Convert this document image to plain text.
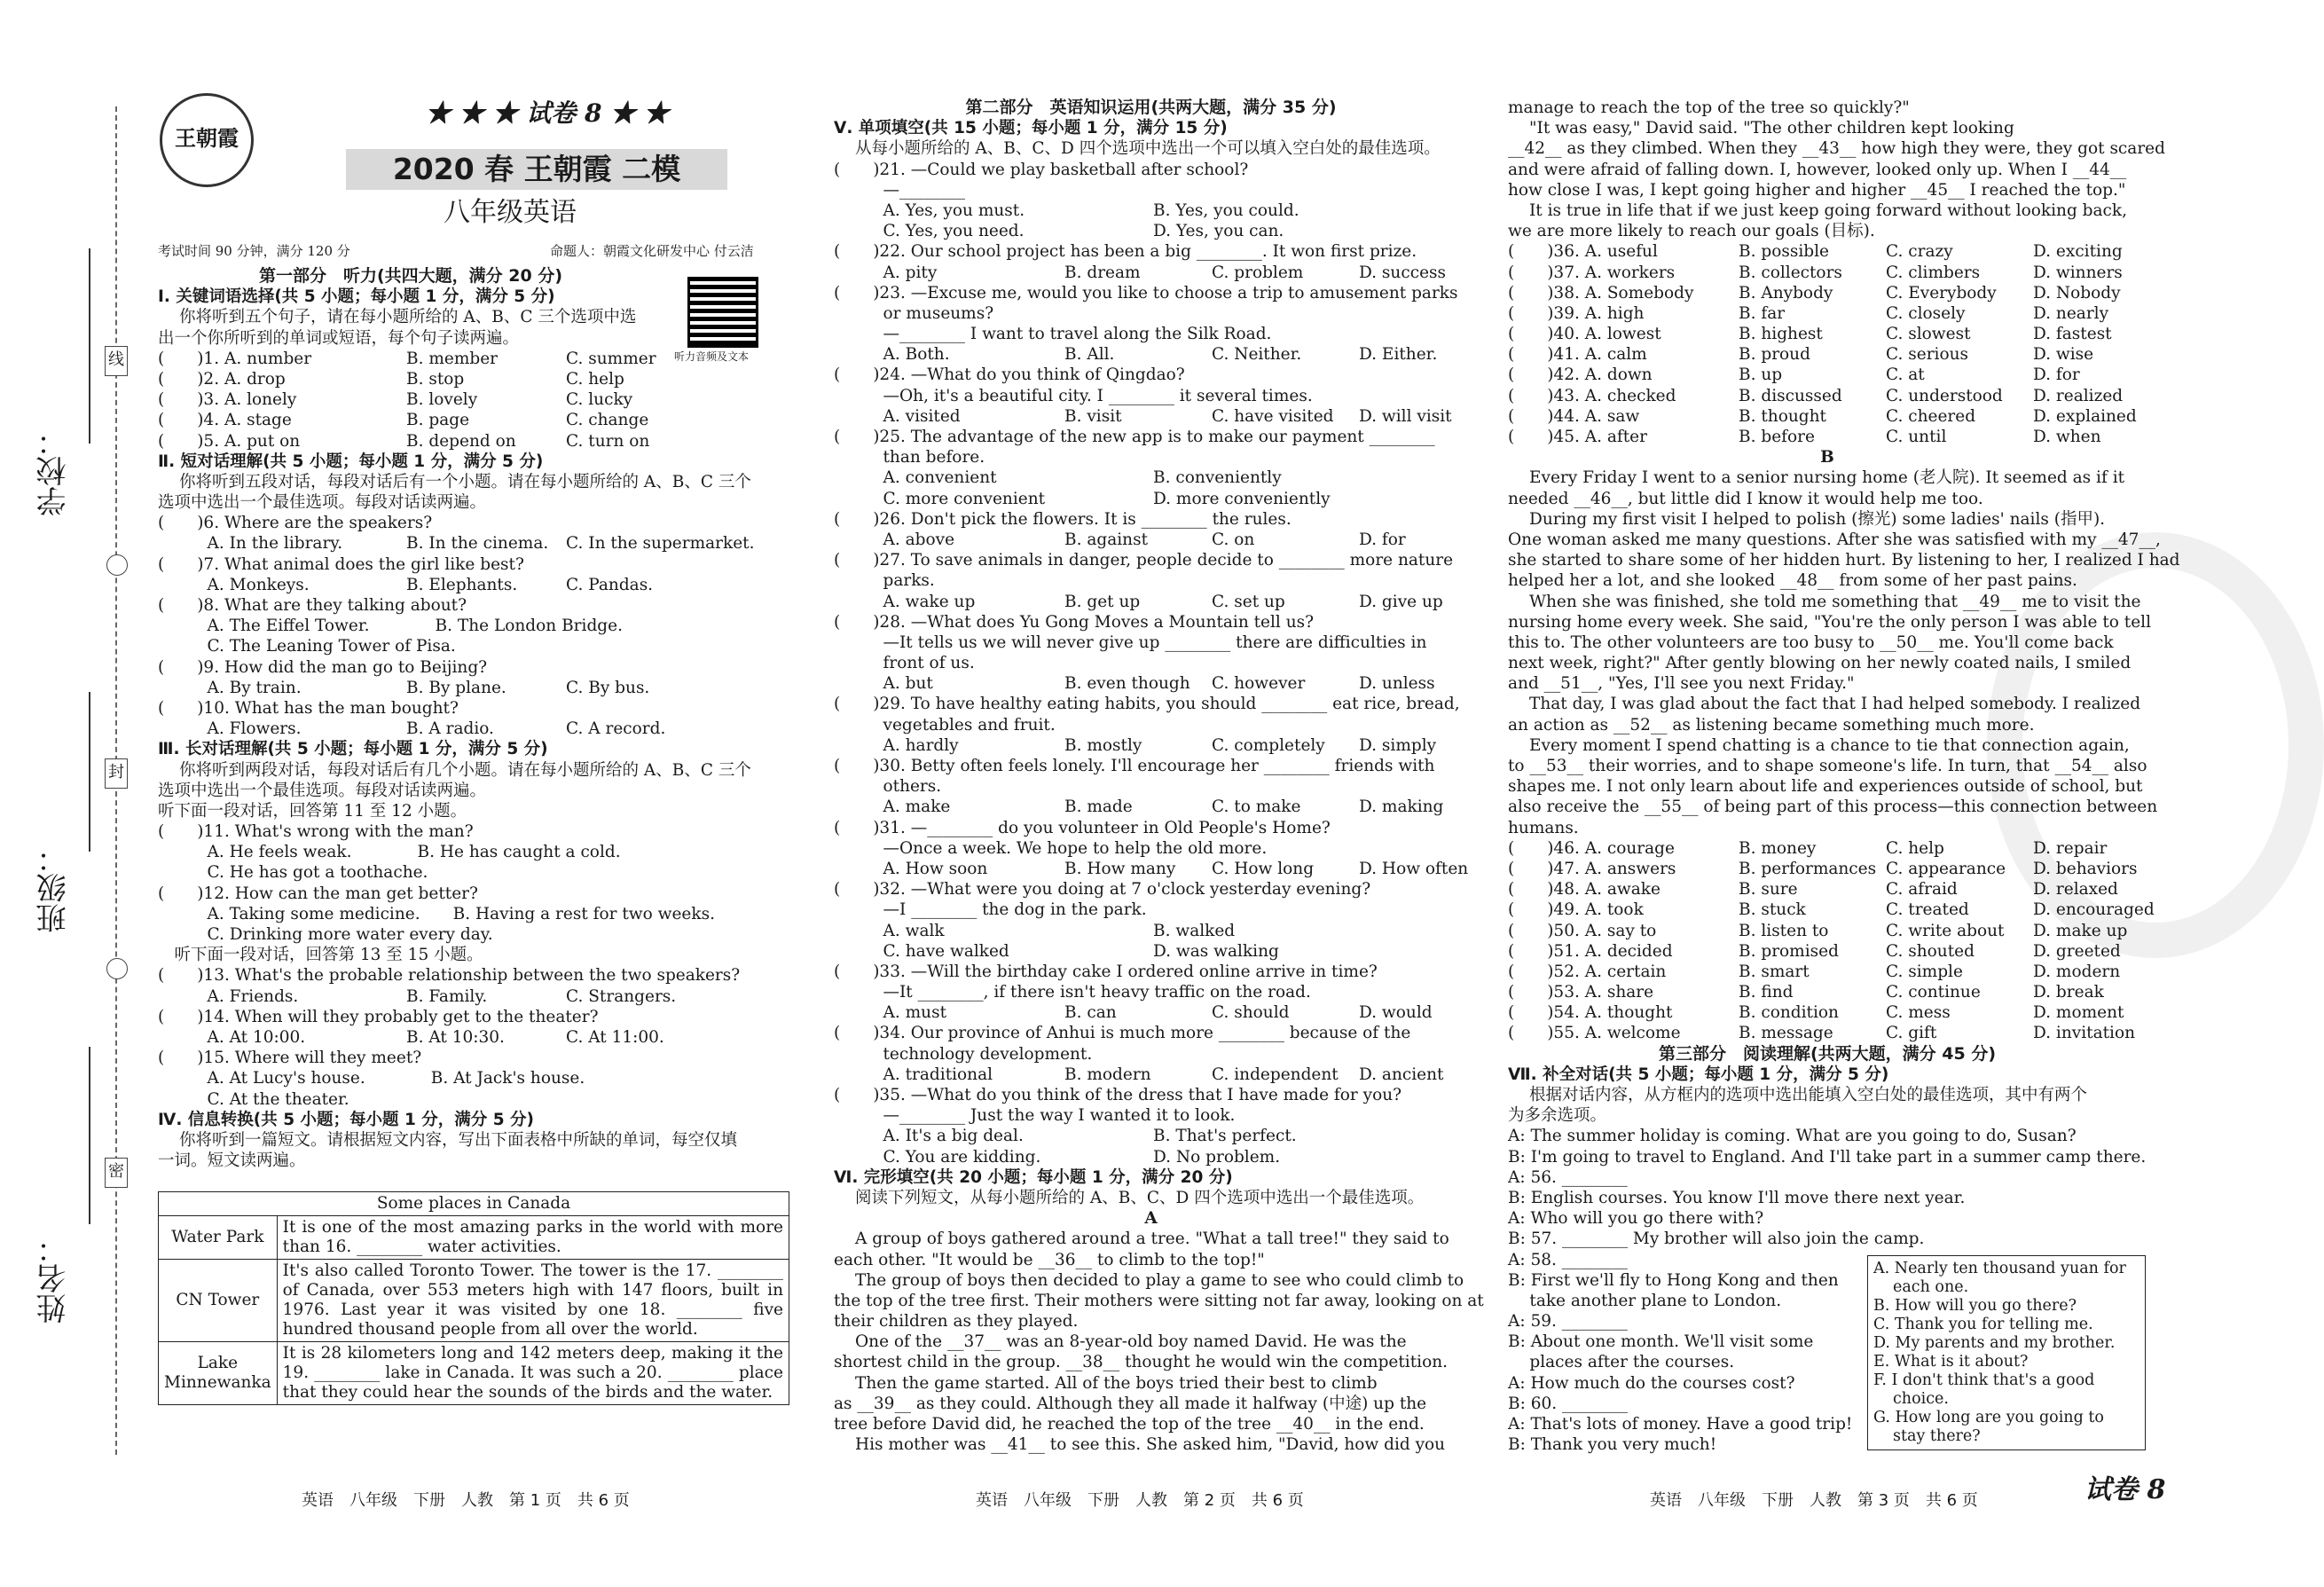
学校：
班级：
姓名：
线
封
密
王朝霞
★ ★ ★ 试卷 8 ★ ★
2020 春 王朝霞 二模
八年级英语
考试时间 90 分钟，满分 120 分	命题人：朝霞文化研发中心 付云洁
听力音频及文本
第一部分　听力(共四大题，满分 20 分)
Ⅰ. 关键词语选择(共 5 小题；每小题 1 分，满分 5 分)
你将听到五个句子，请在每小题所给的 A、B、C 三个选项中选
出一个你所听到的单词或短语，每个句子读两遍。
(　　)1. A. number	B. member	C. summer
(　　)2. A. drop	B. stop	C. help
(　　)3. A. lonely	B. lovely	C. lucky
(　　)4. A. stage	B. page	C. change
(　　)5. A. put on	B. depend on	C. turn on
Ⅱ. 短对话理解(共 5 小题；每小题 1 分，满分 5 分)
你将听到五段对话，每段对话后有一个小题。请在每小题所给的 A、B、C 三个
选项中选出一个最佳选项。每段对话读两遍。
(　　)6. Where are the speakers?
　　　A. In the library.	B. In the cinema. C. In the supermarket.
(　　)7. What animal does the girl like best?
　　　A. Monkeys.	B. Elephants.	C. Pandas.
(　　)8. What are they talking about?
　　　A. The Eiffel Tower.　　　　B. The London Bridge.
　　　C. The Leaning Tower of Pisa.
(　　)9. How did the man go to Beijing?
　　　A. By train.	B. By plane.	C. By bus.
(　　)10. What has the man bought?
　　　A. Flowers.	B. A radio.	C. A record.
Ⅲ. 长对话理解(共 5 小题；每小题 1 分，满分 5 分)
你将听到两段对话，每段对话后有几个小题。请在每小题所给的 A、B、C 三个
选项中选出一个最佳选项。每段对话读两遍。
听下面一段对话，回答第 11 至 12 小题。
(　　)11. What's wrong with the man?
　　　A. He feels weak.　　　　B. He has caught a cold.
　　　C. He has got a toothache.
(　　)12. How can the man get better?
　　　A. Taking some medicine.　　B. Having a rest for two weeks.
　　　C. Drinking more water every day.
　听下面一段对话，回答第 13 至 15 小题。
(　　)13. What's the probable relationship between the two speakers?
　　　A. Friends.	B. Family.	C. Strangers.
(　　)14. When will they probably get to the theater?
　　　A. At 10:00.	B. At 10:30.	C. At 11:00.
(　　)15. Where will they meet?
　　　A. At Lucy's house.　　　　B. At Jack's house.
　　　C. At the theater.
Ⅳ. 信息转换(共 5 小题；每小题 1 分，满分 5 分)
你将听到一篇短文。请根据短文内容，写出下面表格中所缺的单词，每空仅填
一词。短文读两遍。
第二部分　英语知识运用(共两大题，满分 35 分)
Ⅴ. 单项填空(共 15 小题；每小题 1 分，满分 15 分)
从每小题所给的 A、B、C、D 四个选项中选出一个可以填入空白处的最佳选项。
(　　)21. —Could we play basketball after school?
　　　—________
　　　A. Yes, you must.	B. Yes, you could.
　　　C. Yes, you need.	D. Yes, you can.
(　　)22. Our school project has been a big ________. It won first prize.
　　　A. pity	B. dream	C. problem	D. success
(　　)23. —Excuse me, would you like to choose a trip to amusement parks
　　　or museums?
　　　—________ I want to travel along the Silk Road.
　　　A. Both.	B. All.	C. Neither.	D. Either.
(　　)24. —What do you think of Qingdao?
　　　—Oh, it's a beautiful city. I ________ it several times.
　　　A. visited	B. visit	C. have visited D. will visit
(　　)25. The advantage of the new app is to make our payment ________
　　　than before.
　　　A. convenient	B. conveniently
　　　C. more convenient	D. more conveniently
(　　)26. Don't pick the flowers. It is ________ the rules.
　　　A. above	B. against	C. on	D. for
(　　)27. To save animals in danger, people decide to ________ more nature
　　　parks.
　　　A. wake up	B. get up	C. set up	D. give up
(　　)28. —What does Yu Gong Moves a Mountain tell us?
　　　—It tells us we will never give up ________ there are difficulties in
　　　front of us.
　　　A. but	B. even though C. however	D. unless
(　　)29. To have healthy eating habits, you should ________ eat rice, bread,
　　　vegetables and fruit.
　　　A. hardly	B. mostly	C. completely D. simply
(　　)30. Betty often feels lonely. I'll encourage her ________ friends with
　　　others.
　　　A. make	B. made	C. to make	D. making
(　　)31. —________ do you volunteer in Old People's Home?
　　　—Once a week. We hope to help the old more.
　　　A. How soon	B. How many C. How long	D. How often
(　　)32. —What were you doing at 7 o'clock yesterday evening?
　　　—I ________ the dog in the park.
　　　A. walk	B. walked
　　　C. have walked	D. was walking
(　　)33. —Will the birthday cake I ordered online arrive in time?
　　　—It ________, if there isn't heavy traffic on the road.
　　　A. must	B. can	C. should	D. would
(　　)34. Our province of Anhui is much more ________ because of the
　　　technology development.
　　　A. traditional	B. modern	C. independent D. ancient
(　　)35. —What do you think of the dress that I have made for you?
　　　—________ Just the way I wanted it to look.
　　　A. It's a big deal.	B. That's perfect.
　　　C. You are kidding.	D. No problem.
Ⅵ. 完形填空(共 20 小题；每小题 1 分，满分 20 分)
阅读下列短文，从每小题所给的 A、B、C、D 四个选项中选出一个最佳选项。
A
A group of boys gathered around a tree. "What a tall tree!" they said to
each other. "It would be __36__ to climb to the top!"
The group of boys then decided to play a game to see who could climb to
the top of the tree first. Their mothers were sitting not far away, looking on at
their children as they played.
One of the __37__ was an 8-year-old boy named David. He was the
shortest child in the group. __38__ thought he would win the competition.
Then the game started. All of the boys tried their best to climb
as __39__ as they could. Although they all made it halfway (中途) up the
tree before David did, he reached the top of the tree __40__ in the end.
His mother was __41__ to see this. She asked him, "David, how did you
manage to reach the top of the tree so quickly?"
"It was easy," David said. "The other children kept looking
__42__ as they climbed. When they __43__ how high they were, they got scared
and were afraid of falling down. I, however, looked only up. When I __44__
how close I was, I kept going higher and higher __45__ I reached the top."
It is true in life that if we just keep going forward without looking back,
we are more likely to reach our goals (目标).
(　　)36. A. useful	B. possible	C. crazy	D. exciting
(　　)37. A. workers	B. collectors	C. climbers	D. winners
(　　)38. A. Somebody	B. Anybody	C. Everybody D. Nobody
(　　)39. A. high	B. far	C. closely	D. nearly
(　　)40. A. lowest	B. highest	C. slowest	D. fastest
(　　)41. A. calm	B. proud	C. serious	D. wise
(　　)42. A. down	B. up	C. at	D. for
(　　)43. A. checked	B. discussed	C. understood D. realized
(　　)44. A. saw	B. thought	C. cheered	D. explained
(　　)45. A. after	B. before	C. until	D. when
B
Every Friday I went to a senior nursing home (老人院). It seemed as if it
needed __46__, but little did I know it would help me too.
During my first visit I helped to polish (擦光) some ladies' nails (指甲).
One woman asked me many questions. After she was satisfied with my __47__,
she started to share some of her hidden hurt. By listening to her, I realized I had
helped her a lot, and she looked __48__ from some of her past pains.
When she was finished, she told me something that __49__ me to visit the
nursing home every week. She said, "You're the only person I was able to tell
this to. The other volunteers are too busy to __50__ me. You'll come back
next week, right?" After gently blowing on her newly coated nails, I smiled
and __51__, "Yes, I'll see you next Friday."
That day, I was glad about the fact that I had helped somebody. I realized
an action as __52__ as listening became something much more.
Every moment I spend chatting is a chance to tie that connection again,
to __53__ their worries, and to shape someone's life. In turn, that __54__ also
shapes me. I not only learn about life and experiences outside of school, but
also receive the __55__ of being part of this process—this connection between
humans.
(　　)46. A. courage	B. money	C. help	D. repair
(　　)47. A. answers	B. performances C. appearance D. behaviors
(　　)48. A. awake	B. sure	C. afraid	D. relaxed
(　　)49. A. took	B. stuck	C. treated	D. encouraged
(　　)50. A. say to	B. listen to	C. write about D. make up
(　　)51. A. decided	B. promised	C. shouted	D. greeted
(　　)52. A. certain	B. smart	C. simple	D. modern
(　　)53. A. share	B. find	C. continue	D. break
(　　)54. A. thought	B. condition	C. mess	D. moment
(　　)55. A. welcome	B. message	C. gift	D. invitation
第三部分　阅读理解(共两大题，满分 45 分)
Ⅶ. 补全对话(共 5 小题；每小题 1 分，满分 5 分)
根据对话内容，从方框内的选项中选出能填入空白处的最佳选项，其中有两个
为多余选项。
A: The summer holiday is coming. What are you going to do, Susan?
B: I'm going to travel to England. And I'll take part in a summer camp there.
A: 56. ________
B: English courses. You know I'll move there next year.
A: Who will you go there with?
B: 57. ________ My brother will also join the camp.
A: 58. ________
B: First we'll fly to Hong Kong and then
　 take another plane to London.
A: 59. ________
B: About one month. We'll visit some
　 places after the courses.
A: How much do the courses cost?
B: 60. ________
A: That's lots of money. Have a good trip!
B: Thank you very much!
Some places in Canada	
Water Park	It is one of the most amazing parks in the world with more than 16. ________ water activities.
CN Tower	It's also called Toronto Tower. The tower is the 17. ________ of Canada, over 553 meters high with 147 floors, built in 1976. Last year it was visited by one 18. ________ five hundred thousand people from all over the world.
Lake Minnewanka	It is 28 kilometers long and 142 meters deep, making it the 19. ________ lake in Canada. It was such a 20. ________ place that they could hear the sounds of the birds and the water.
A. Nearly ten thousand yuan for each one.
B. How will you go there?
C. Thank you for telling me.
D. My parents and my brother.
E. What is it about?
F. I don't think that's a good choice.
G. How long are you going to stay there?
英语　八年级　下册　人教　第 1 页　共 6 页	英语　八年级　下册　人教　第 2 页　共 6 页	英语　八年级　下册　人教　第 3 页　共 6 页	试卷 8
